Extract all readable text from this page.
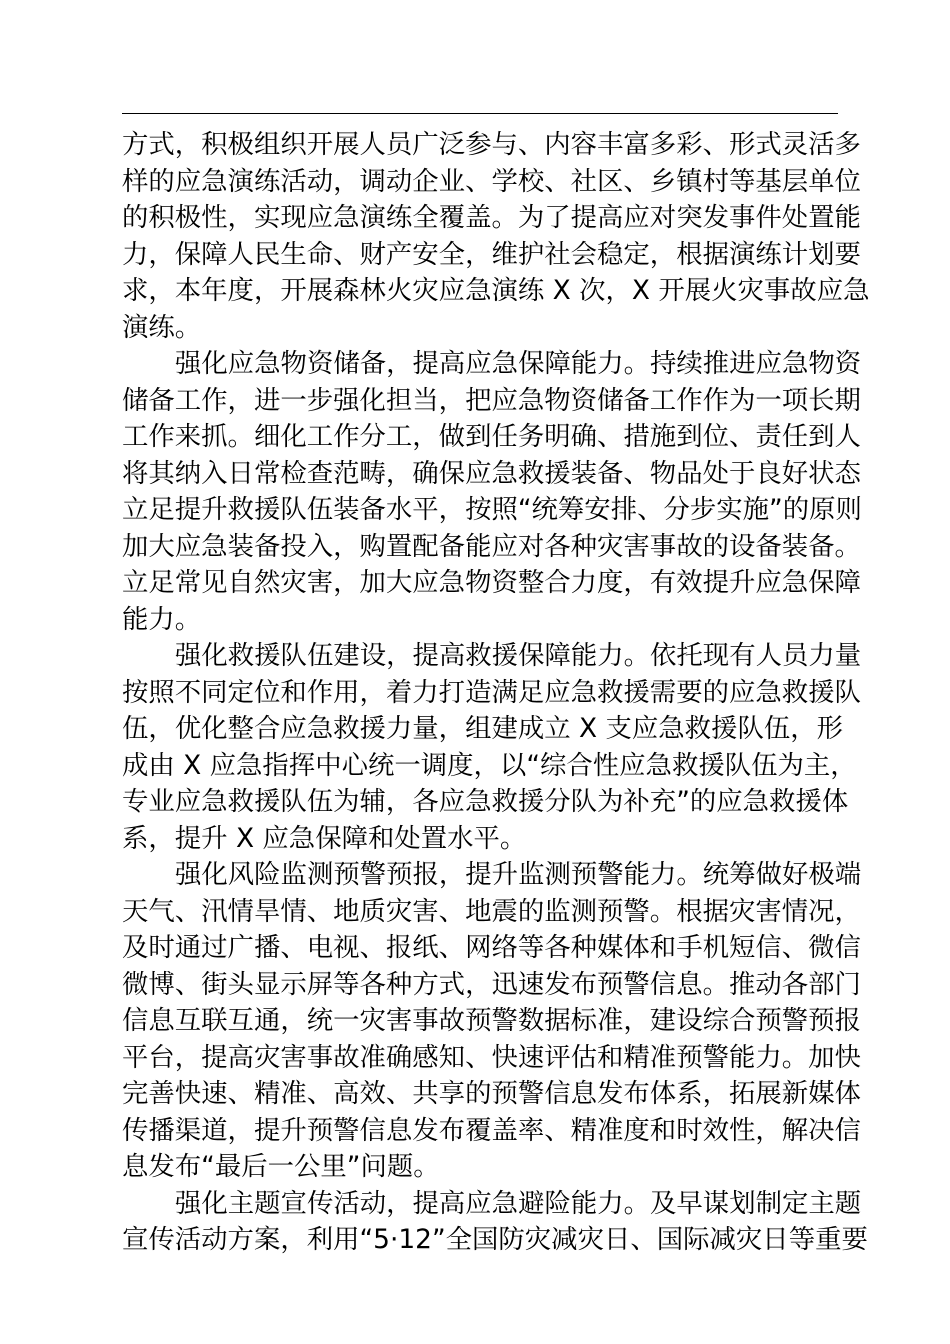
方式，积极组织开展人员广泛参与、内容丰富多彩、形式灵活多
样的应急演练活动，调动企业、学校、社区、乡镇村等基层单位
的积极性，实现应急演练全覆盖。为了提高应对突发事件处置能
力，保障人民生命、财产安全，维护社会稳定，根据演练计划要
求，本年度，开展森林火灾应急演练 X 次，X 开展火灾事故应急
演练。
强化应急物资储备，提高应急保障能力。持续推进应急物资
储备工作，进一步强化担当，把应急物资储备工作作为一项长期
工作来抓。细化工作分工，做到任务明确、措施到位、责任到人
将其纳入日常检查范畴，确保应急救援装备、物品处于良好状态
立足提升救援队伍装备水平，按照“统筹安排、分步实施”的原则
加大应急装备投入，购置配备能应对各种灾害事故的设备装备。
立足常见自然灾害，加大应急物资整合力度，有效提升应急保障
能力。
强化救援队伍建设，提高救援保障能力。依托现有人员力量
按照不同定位和作用，着力打造满足应急救援需要的应急救援队
伍，优化整合应急救援力量，组建成立 X 支应急救援队伍，形
成由 X 应急指挥中心统一调度，以“综合性应急救援队伍为主，
专业应急救援队伍为辅，各应急救援分队为补充”的应急救援体
系，提升 X 应急保障和处置水平。
强化风险监测预警预报，提升监测预警能力。统筹做好极端
天气、汛情旱情、地质灾害、地震的监测预警。根据灾害情况，
及时通过广播、电视、报纸、网络等各种媒体和手机短信、微信
微博、街头显示屏等各种方式，迅速发布预警信息。推动各部门
信息互联互通，统一灾害事故预警数据标准，建设综合预警预报
平台，提高灾害事故准确感知、快速评估和精准预警能力。加快
完善快速、精准、高效、共享的预警信息发布体系，拓展新媒体
传播渠道，提升预警信息发布覆盖率、精准度和时效性，解决信
息发布“最后一公里”问题。
强化主题宣传活动，提高应急避险能力。及早谋划制定主题
宣传活动方案，利用“5·12”全国防灾减灾日、国际减灾日等重要
